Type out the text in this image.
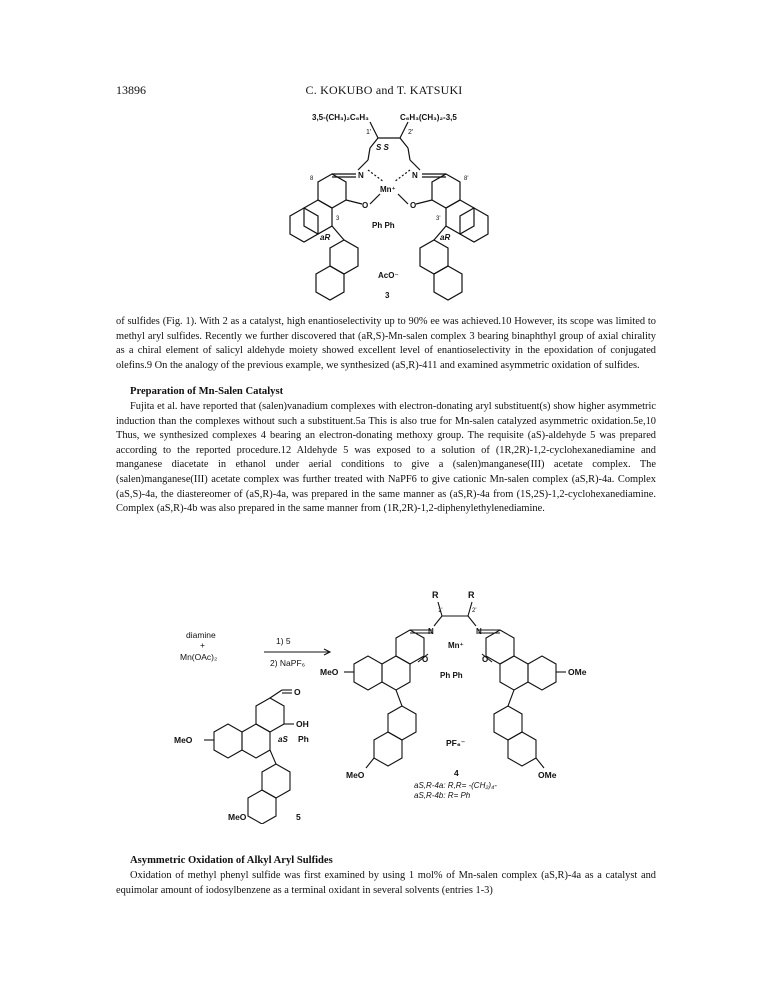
13896	C. KOKUBO and T. KATSUKI
3,5-(CH₃)₂C₆H₃	C₆H₃(CH₃)₂-3,5
1'	2'
S S
N	N
Mn⁺
O	O
8	8'
3	3'
Ph Ph
aR	aR
AcO⁻
3
of sulfides (Fig. 1). With 2 as a catalyst, high enantioselectivity up to 90% ee was achieved.10 However, its scope was limited to methyl aryl sulfides. Recently we further discovered that (aR,S)-Mn-salen complex 3 bearing binaphthyl group of axial chirality as a chiral element of salicyl aldehyde moiety showed excellent level of enantioselectivity in the epoxidation of conjugated olefins.9 On the analogy of the previous example, we synthesized (aS,R)-411 and examined asymmetric oxidation of sulfides.
Preparation of Mn-Salen Catalyst
Fujita et al. have reported that (salen)vanadium complexes with electron-donating aryl substituent(s) show higher asymmetric induction than the complexes without such a substituent.5a This is also true for Mn-salen catalyzed asymmetric oxidation.5e,10 Thus, we synthesized complexes 4 bearing an electron-donating methoxy group. The requisite (aS)-aldehyde 5 was prepared according to the reported procedure.12 Aldehyde 5 was exposed to a solution of (1R,2R)-1,2-cyclohexanediamine and manganese diacetate in ethanol under aerial conditions to give a (salen)manganese(III) acetate complex. The (salen)manganese(III) acetate complex was further treated with NaPF6 to give cationic Mn-salen complex (aS,R)-4a. Complex (aS,S)-4a, the diastereomer of (aS,R)-4a, was prepared in the same manner as (aS,R)-4a from (1S,2S)-1,2-cyclohexanediamine. Complex (aS,R)-4b was also prepared in the same manner from (1R,2R)-1,2-diphenylethylenediamine.
diamine
+
Mn(OAc)₂
1) 5
2) NaPF₆
R	R
1'	2'
N	N
Mn⁺
O	O
Ph Ph
MeO	OMe
MeO	OMe
PF₆⁻
4
aS,R-4a: R,R= -(CH₂)₄-
aS,R-4b: R= Ph
O
OH
MeO	aS Ph
MeO	5
Asymmetric Oxidation of Alkyl Aryl Sulfides
Oxidation of methyl phenyl sulfide was first examined by using 1 mol% of Mn-salen complex (aS,R)-4a as a catalyst and equimolar amount of iodosylbenzene as a terminal oxidant in several solvents (entries 1-3)
